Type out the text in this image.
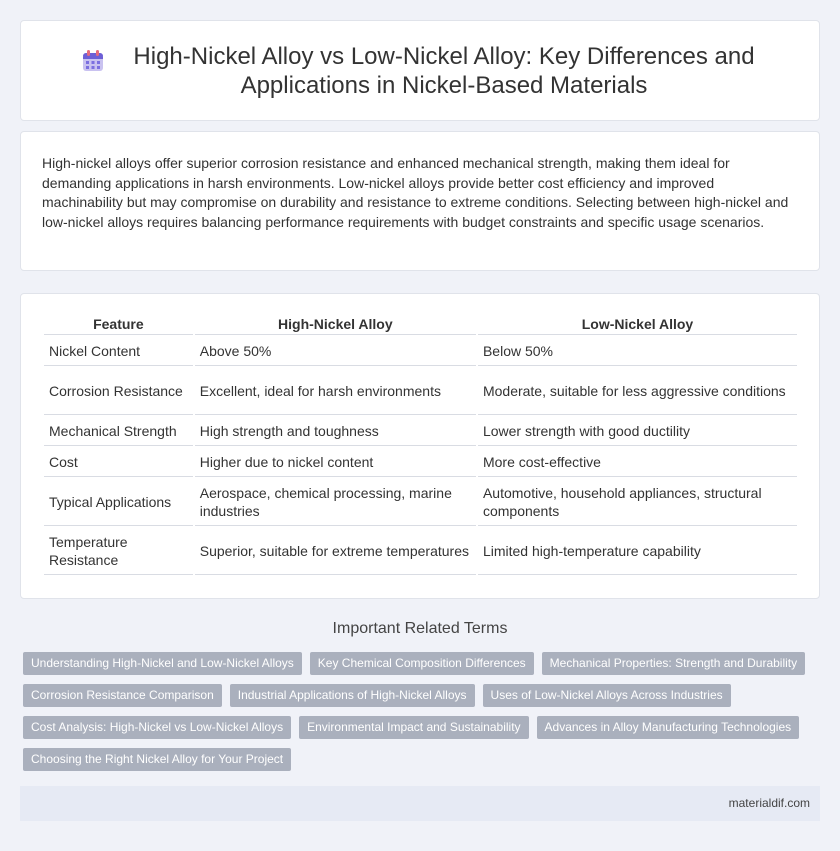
High-Nickel Alloy vs Low-Nickel Alloy: Key Differences and Applications in Nickel-Based Materials

High-nickel alloys offer superior corrosion resistance and enhanced mechanical strength, making them ideal for demanding applications in harsh environments. Low-nickel alloys provide better cost efficiency and improved machinability but may compromise on durability and resistance to extreme conditions. Selecting between high-nickel and low-nickel alloys requires balancing performance requirements with budget constraints and specific usage scenarios.

Feature	High-Nickel Alloy	Low-Nickel Alloy
Nickel Content	Above 50%	Below 50%
Corrosion Resistance	Excellent, ideal for harsh environments	Moderate, suitable for less aggressive conditions
Mechanical Strength	High strength and toughness	Lower strength with good ductility
Cost	Higher due to nickel content	More cost-effective
Typical Applications	Aerospace, chemical processing, marine industries	Automotive, household appliances, structural components
Temperature Resistance	Superior, suitable for extreme temperatures	Limited high-temperature capability
Important Related Terms
Understanding High-Nickel and Low-Nickel Alloys	Key Chemical Composition Differences	Mechanical Properties: Strength and Durability
Corrosion Resistance Comparison	Industrial Applications of High-Nickel Alloys	Uses of Low-Nickel Alloys Across Industries
Cost Analysis: High-Nickel vs Low-Nickel Alloys	Environmental Impact and Sustainability	Advances in Alloy Manufacturing Technologies
Choosing the Right Nickel Alloy for Your Project
materialdif.com
